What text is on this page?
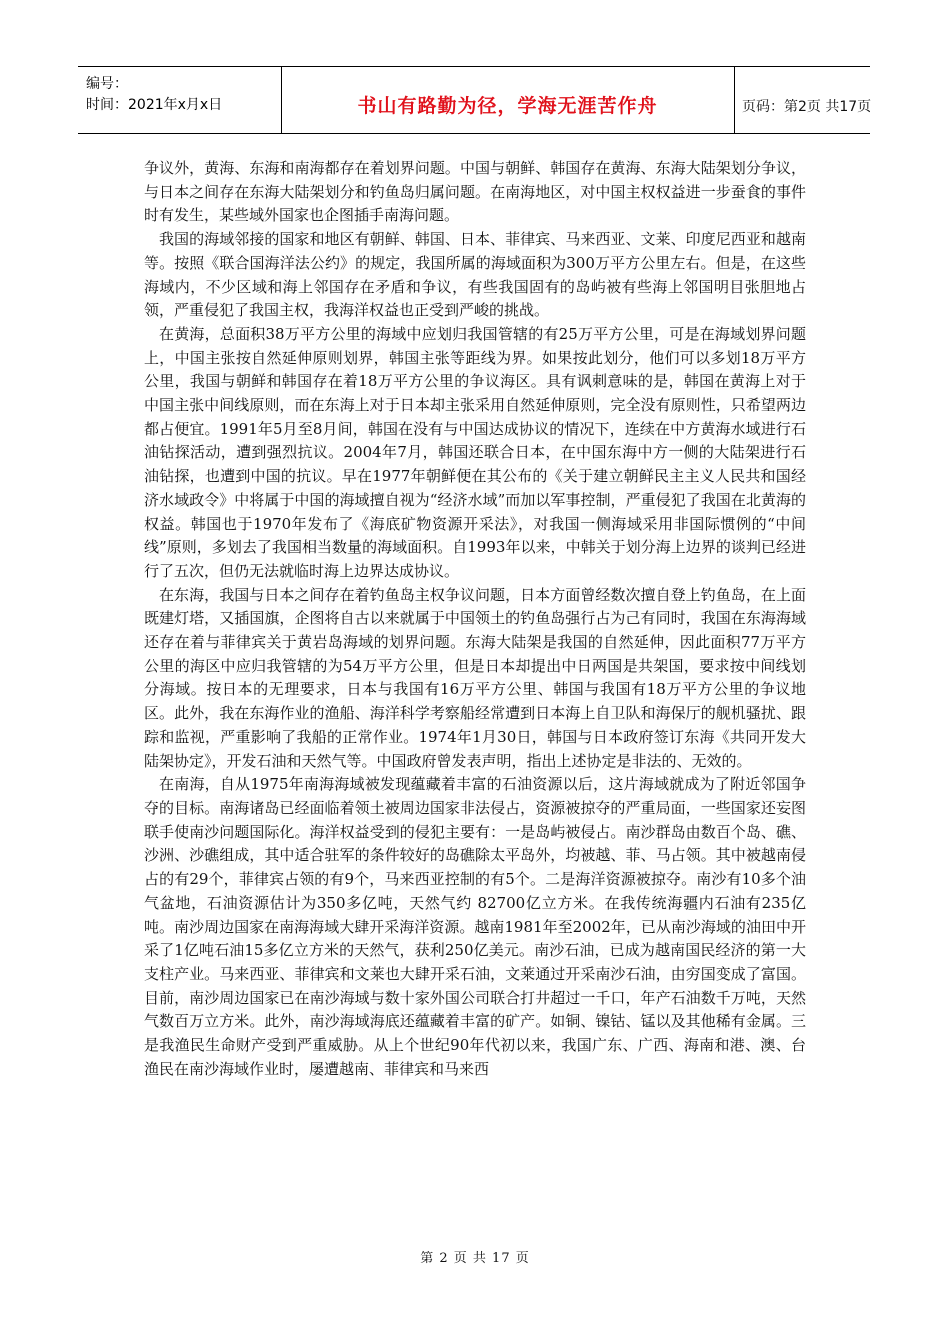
编号：
时间：2021年x月x日	书山有路勤为径，学海无涯苦作舟	页码：第2页 共17页

争议外，黄海、东海和南海都存在着划界问题。中国与朝鲜、韩国存在黄海、东海大陆架划分争议，与日本之间存在东海大陆架划分和钓鱼岛归属问题。在南海地区，对中国主权权益进一步蚕食的事件时有发生，某些域外国家也企图插手南海问题。

我国的海域邻接的国家和地区有朝鲜、韩国、日本、菲律宾、马来西亚、文莱、印度尼西亚和越南等。按照《联合国海洋法公约》的规定，我国所属的海域面积为300万平方公里左右。但是，在这些海域内，不少区域和海上邻国存在矛盾和争议，有些我国固有的岛屿被有些海上邻国明目张胆地占领，严重侵犯了我国主权，我海洋权益也正受到严峻的挑战。

在黄海，总面积38万平方公里的海域中应划归我国管辖的有25万平方公里，可是在海域划界问题上，中国主张按自然延伸原则划界，韩国主张等距线为界。如果按此划分，他们可以多划18万平方公里，我国与朝鲜和韩国存在着18万平方公里的争议海区。具有讽刺意味的是，韩国在黄海上对于中国主张中间线原则，而在东海上对于日本却主张采用自然延伸原则，完全没有原则性，只希望两边都占便宜。1991年5月至8月间，韩国在没有与中国达成协议的情况下，连续在中方黄海水域进行石油钻探活动，遭到强烈抗议。2004年7月，韩国还联合日本，在中国东海中方一侧的大陆架进行石油钻探，也遭到中国的抗议。早在1977年朝鲜便在其公布的《关于建立朝鲜民主主义人民共和国经济水域政令》中将属于中国的海域擅自视为“经济水域”而加以军事控制，严重侵犯了我国在北黄海的权益。韩国也于1970年发布了《海底矿物资源开采法》，对我国一侧海域采用非国际惯例的“中间线”原则，多划去了我国相当数量的海域面积。自1993年以来，中韩关于划分海上边界的谈判已经进行了五次，但仍无法就临时海上边界达成协议。

在东海，我国与日本之间存在着钓鱼岛主权争议问题，日本方面曾经数次擅自登上钓鱼岛，在上面既建灯塔，又插国旗，企图将自古以来就属于中国领土的钓鱼岛强行占为己有同时，我国在东海海域还存在着与菲律宾关于黄岩岛海域的划界问题。东海大陆架是我国的自然延伸，因此面积77万平方公里的海区中应归我管辖的为54万平方公里，但是日本却提出中日两国是共架国，要求按中间线划分海域。按日本的无理要求，日本与我国有16万平方公里、韩国与我国有18万平方公里的争议地区。此外，我在东海作业的渔船、海洋科学考察船经常遭到日本海上自卫队和海保厅的舰机骚扰、跟踪和监视，严重影响了我船的正常作业。1974年1月30日，韩国与日本政府签订东海《共同开发大陆架协定》，开发石油和天然气等。中国政府曾发表声明，指出上述协定是非法的、无效的。

在南海，自从1975年南海海域被发现蕴藏着丰富的石油资源以后，这片海域就成为了附近邻国争夺的目标。南海诸岛已经面临着领土被周边国家非法侵占，资源被掠夺的严重局面，一些国家还妄图联手使南沙问题国际化。海洋权益受到的侵犯主要有：一是岛屿被侵占。南沙群岛由数百个岛、礁、沙洲、沙礁组成，其中适合驻军的条件较好的岛礁除太平岛外，均被越、菲、马占领。其中被越南侵占的有29个，菲律宾占领的有9个，马来西亚控制的有5个。二是海洋资源被掠夺。南沙有10多个油气盆地，石油资源估计为350多亿吨，天然气约 82700亿立方米。在我传统海疆内石油有235亿吨。南沙周边国家在南海海域大肆开采海洋资源。越南1981年至2002年，已从南沙海域的油田中开采了1亿吨石油15多亿立方米的天然气，获利250亿美元。南沙石油，已成为越南国民经济的第一大支柱产业。马来西亚、菲律宾和文莱也大肆开采石油，文莱通过开采南沙石油，由穷国变成了富国。目前，南沙周边国家已在南沙海域与数十家外国公司联合打井超过一千口，年产石油数千万吨，天然气数百万立方米。此外，南沙海域海底还蕴藏着丰富的矿产。如铜、镍钴、锰以及其他稀有金属。三是我渔民生命财产受到严重威胁。从上个世纪90年代初以来，我国广东、广西、海南和港、澳、台渔民在南沙海域作业时，屡遭越南、菲律宾和马来西

第 2 页 共 17 页
